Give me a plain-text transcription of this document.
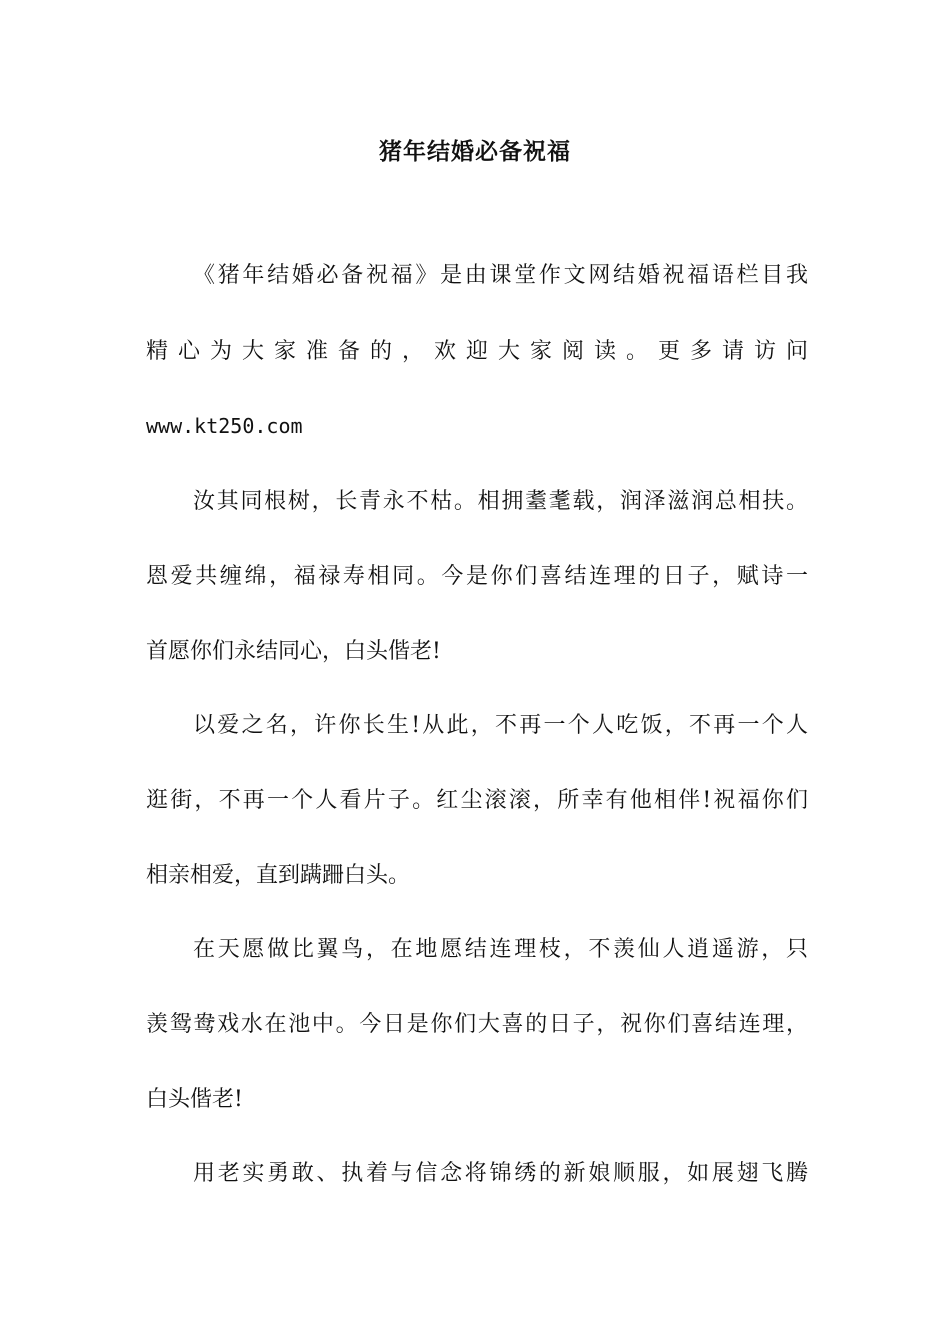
猪年结婚必备祝福
《猪年结婚必备祝福》是由课堂作文网结婚祝福语栏目我
精心为大家准备的，欢迎大家阅读。更多请访问
www.kt250.com
汝其同根树，长青永不枯。相拥耋耄载，润泽滋润总相扶。
恩爱共缠绵，福禄寿相同。今是你们喜结连理的日子，赋诗一
首愿你们永结同心，白头偕老!
以爱之名，许你长生!从此，不再一个人吃饭，不再一个人
逛街，不再一个人看片子。红尘滚滚，所幸有他相伴!祝福你们
相亲相爱，直到蹒跚白头。
在天愿做比翼鸟，在地愿结连理枝，不羡仙人逍遥游，只
羡鸳鸯戏水在池中。今日是你们大喜的日子，祝你们喜结连理，
白头偕老!
用老实勇敢、执着与信念将锦绣的新娘顺服，如展翅飞腾
